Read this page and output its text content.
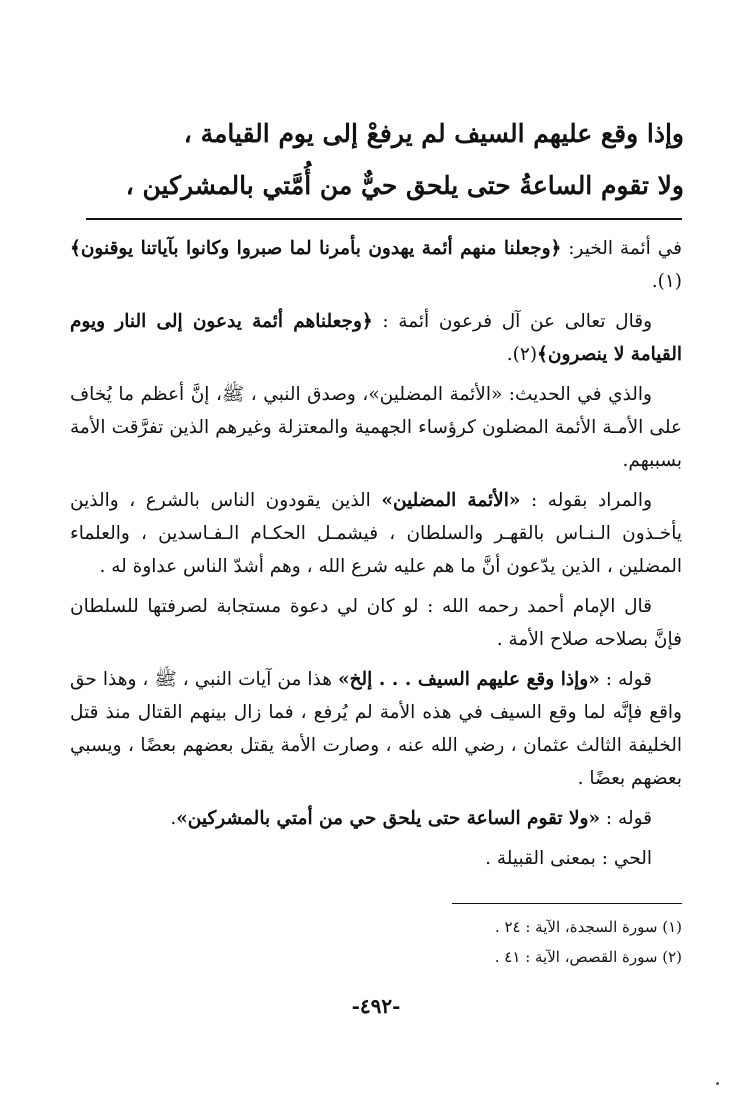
وإذا وقع عليهم السيف لم يرفعْ إلى يوم القيامة ،
ولا تقوم الساعةُ حتى يلحق حيٌّ من أُمَّتي بالمشركين ،

في أئمة الخير: ﴿وجعلنا منهم أئمة يهدون بأمرنا لما صبروا وكانوا بآياتنا يوقنون﴾(١).

وقال تعالى عن آل فرعون أئمة : ﴿وجعلناهم أئمة يدعون إلى النار ويوم القيامة لا ينصرون﴾(٢).

والذي في الحديث: «الأئمة المضلين»، وصدق النبي ، ﷺ، إنَّ أعظم ما يُخاف على الأمـة الأئمة المضلون كرؤساء الجهمية والمعتزلة وغيرهم الذين تفرَّقت الأمة بسببهم.

والمراد بقوله : «الأئمة المضلين» الذين يقودون الناس بالشرع ، والذين يأخـذون الـنـاس بالقهـر والسلطان ، فيشمـل الحكـام الـفـاسدين ، والعلماء المضلين ، الذين يدّعون أنَّ ما هم عليه شرع الله ، وهم أشدّ الناس عداوة له .

قال الإمام أحمد رحمه الله : لو كان لي دعوة مستجابة لصرفتها للسلطان فإنَّ بصلاحه صلاح الأمة .

قوله : «وإذا وقع عليهم السيف . . . إلخ» هذا من آيات النبي ، ﷺ ، وهذا حق واقع فإنَّه لما وقع السيف في هذه الأمة لم يُرفع ، فما زال بينهم القتال منذ قتل الخليفة الثالث عثمان ، رضي الله عنه ، وصارت الأمة يقتل بعضهم بعضًا ، ويسبي بعضهم بعضًا .

قوله : «ولا تقوم الساعة حتى يلحق حي من أمتي بالمشركين».

الحي : بمعنى القبيلة .

(١) سورة السجدة، الآية : ٢٤ .
(٢) سورة القصص، الآية : ٤١ .
-٤٩٢-
